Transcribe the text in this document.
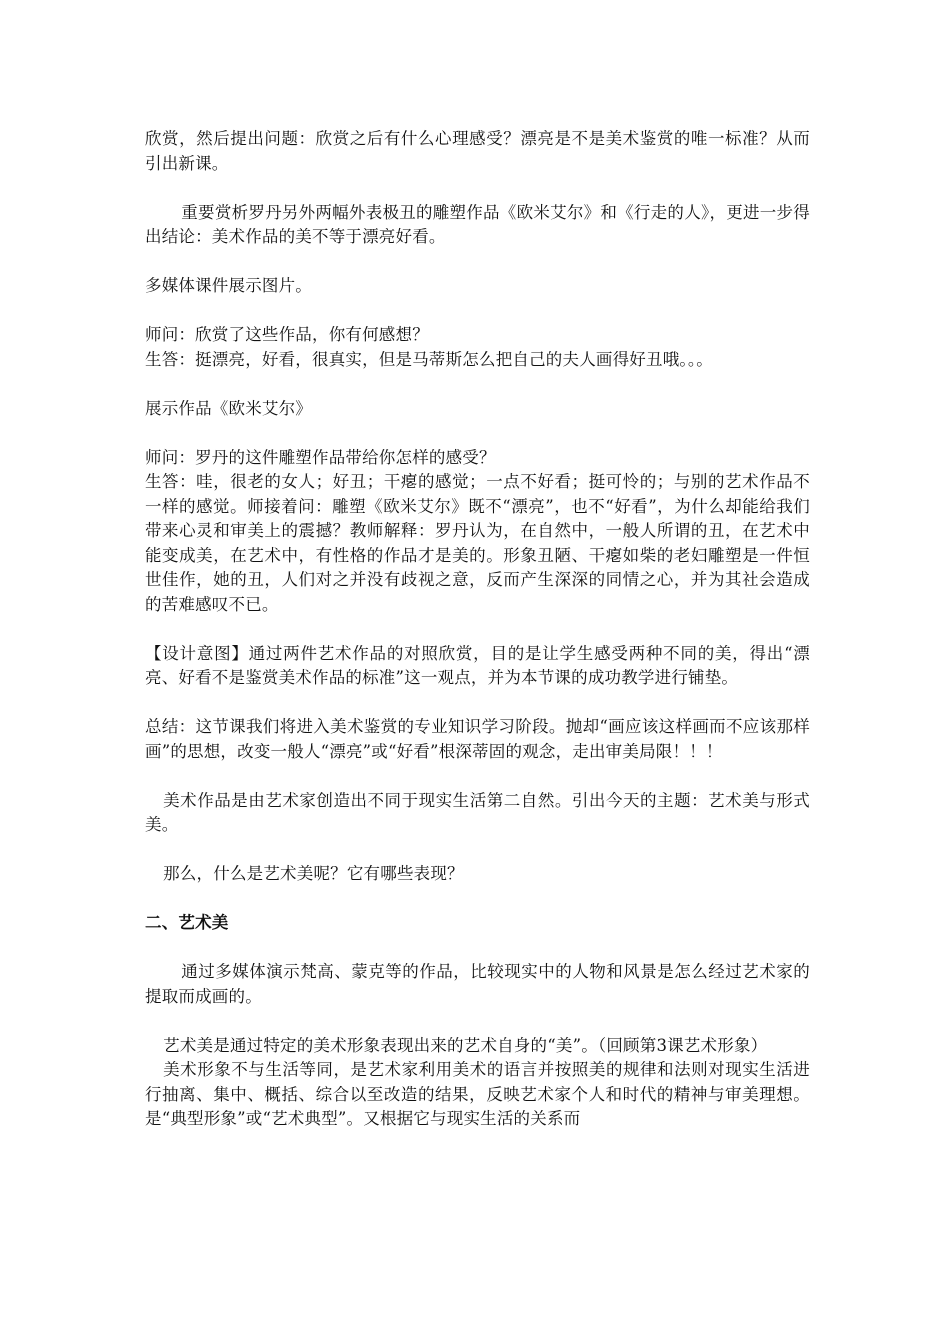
欣赏，然后提出问题：欣赏之后有什么心理感受？漂亮是不是美术鉴赏的唯一标准？从而引出新课。

重要赏析罗丹另外两幅外表极丑的雕塑作品《欧米艾尔》和《行走的人》，更进一步得出结论：美术作品的美不等于漂亮好看。

多媒体课件展示图片。

师问：欣赏了这些作品，你有何感想？

生答：挺漂亮，好看，很真实，但是马蒂斯怎么把自己的夫人画得好丑哦。。。

展示作品《欧米艾尔》

师问：罗丹的这件雕塑作品带给你怎样的感受？

生答：哇，很老的女人；好丑；干瘪的感觉；一点不好看；挺可怜的；与别的艺术作品不一样的感觉。师接着问：雕塑《欧米艾尔》既不“漂亮”，也不“好看”，为什么却能给我们带来心灵和审美上的震撼？教师解释：罗丹认为，在自然中，一般人所谓的丑，在艺术中能变成美，在艺术中，有性格的作品才是美的。形象丑陋、干瘪如柴的老妇雕塑是一件恒世佳作，她的丑，人们对之并没有歧视之意，反而产生深深的同情之心，并为其社会造成的苦难感叹不已。

【设计意图】通过两件艺术作品的对照欣赏，目的是让学生感受两种不同的美，得出“漂亮、好看不是鉴赏美术作品的标准”这一观点，并为本节课的成功教学进行铺垫。

总结：这节课我们将进入美术鉴赏的专业知识学习阶段。抛却“画应该这样画而不应该那样画”的思想，改变一般人“漂亮”或“好看”根深蒂固的观念，走出审美局限！！！

美术作品是由艺术家创造出不同于现实生活第二自然。引出今天的主题：艺术美与形式美。

那么，什么是艺术美呢？它有哪些表现？

二、艺术美

通过多媒体演示梵高、蒙克等的作品，比较现实中的人物和风景是怎么经过艺术家的提取而成画的。

艺术美是通过特定的美术形象表现出来的艺术自身的“美”。（回顾第3课艺术形象）

美术形象不与生活等同，是艺术家利用美术的语言并按照美的规律和法则对现实生活进行抽离、集中、概括、综合以至改造的结果，反映艺术家个人和时代的精神与审美理想。是“典型形象”或“艺术典型”。又根据它与现实生活的关系而
